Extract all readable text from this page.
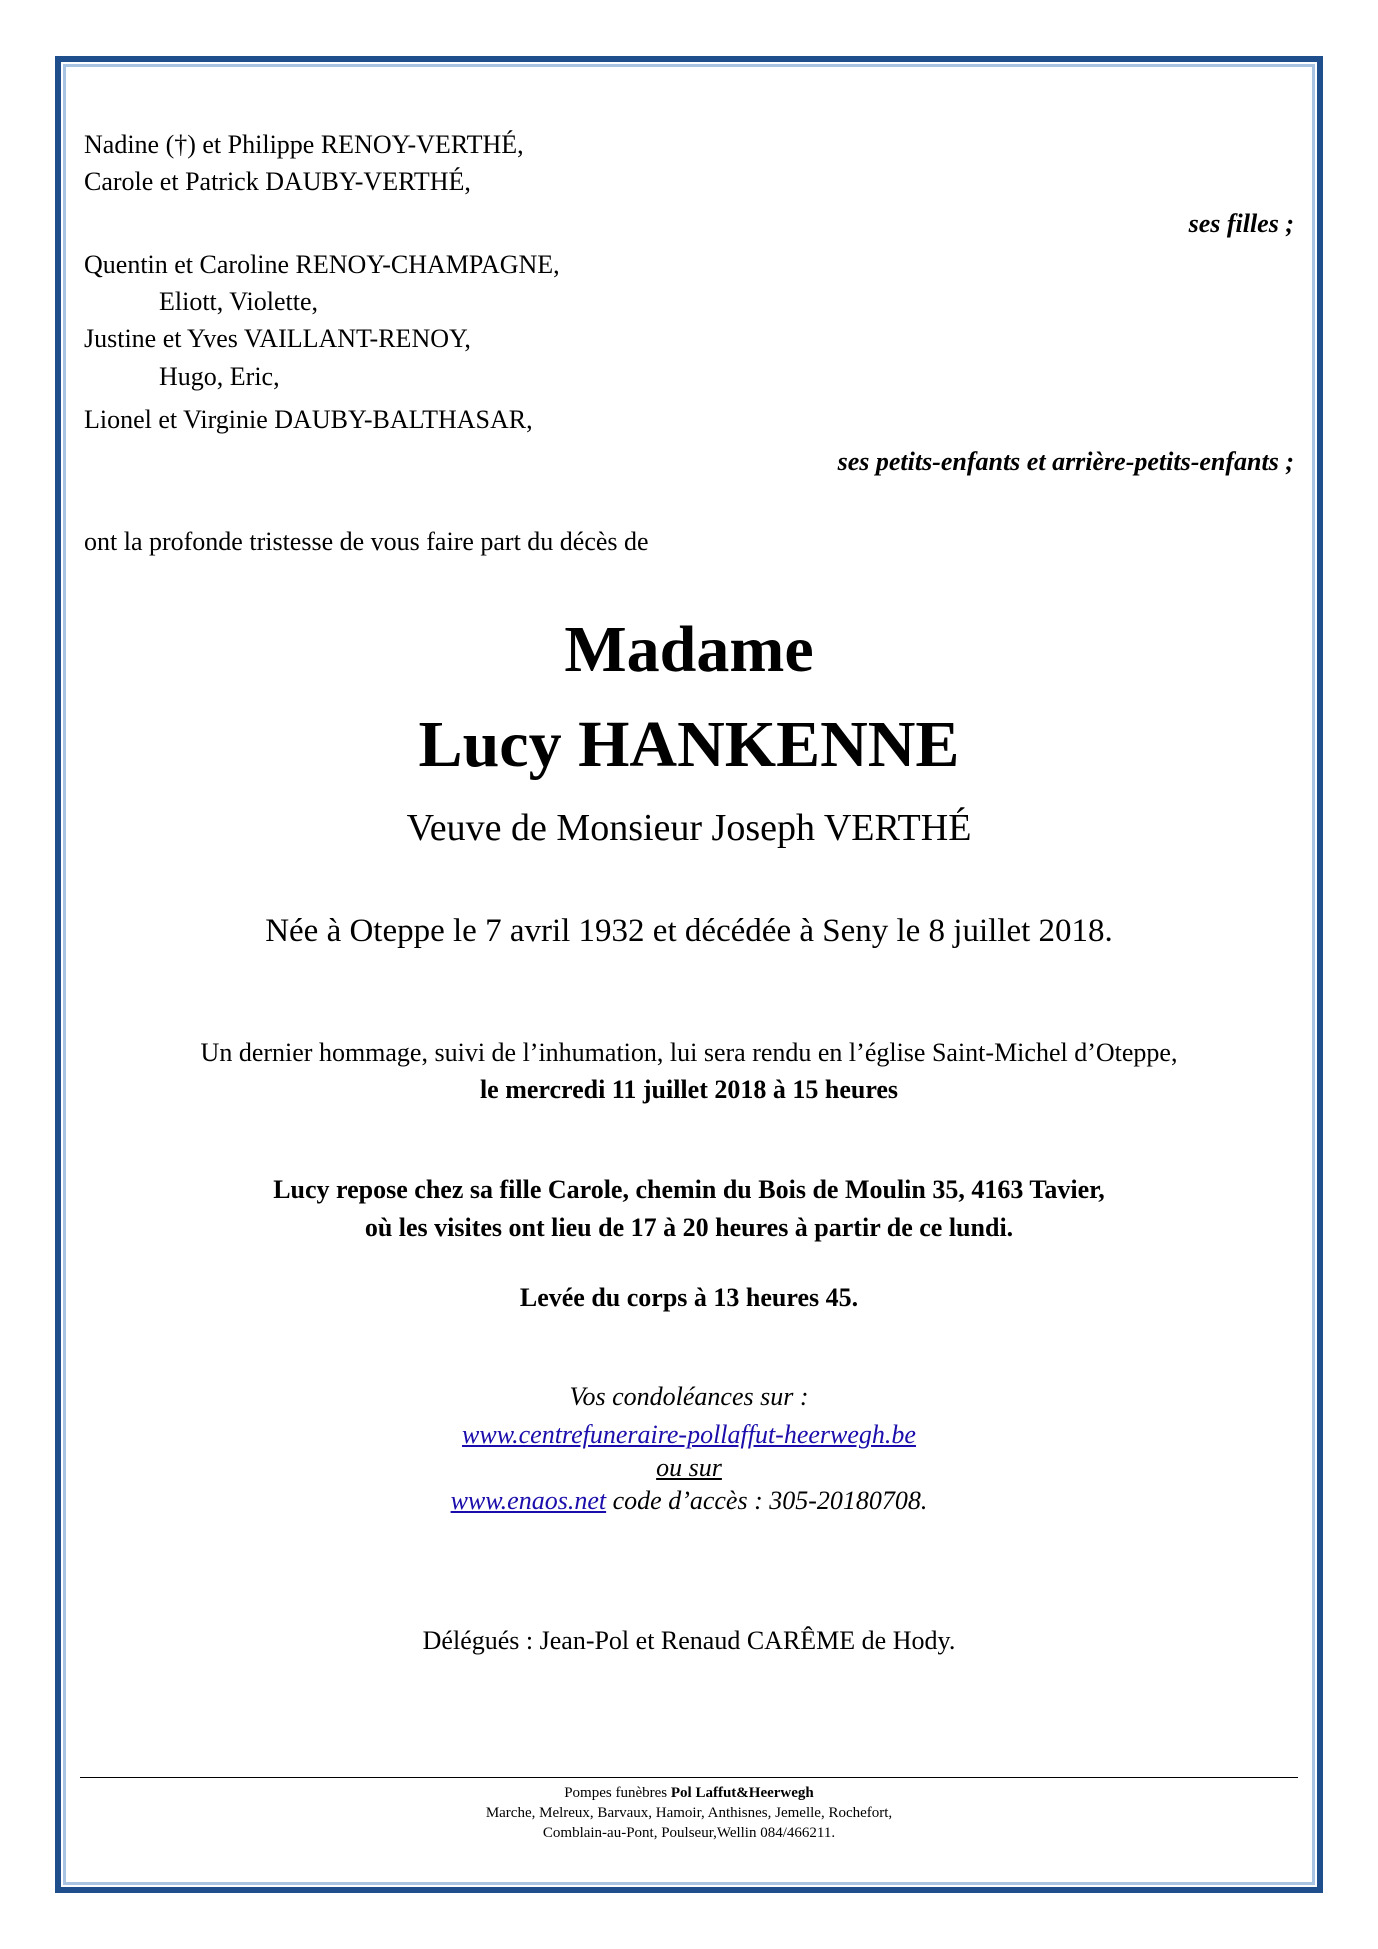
Nadine (†) et Philippe RENOY-VERTHÉ,
Carole et Patrick DAUBY-VERTHÉ,
ses filles ;
Quentin et Caroline RENOY-CHAMPAGNE,
Eliott, Violette,
Justine et Yves VAILLANT-RENOY,
Hugo, Eric,
Lionel et Virginie DAUBY-BALTHASAR,
ses petits-enfants et arrière-petits-enfants ;
ont la profonde tristesse de vous faire part du décès de
Madame
Lucy HANKENNE
Veuve de Monsieur Joseph VERTHÉ
Née à Oteppe le 7 avril 1932 et décédée à Seny le 8 juillet 2018.
Un dernier hommage, suivi de l’inhumation, lui sera rendu en l’église Saint-Michel d’Oteppe,
le mercredi 11 juillet 2018 à 15 heures
Lucy repose chez sa fille Carole, chemin du Bois de Moulin 35, 4163 Tavier,
où les visites ont lieu de 17 à 20 heures à partir de ce lundi.
Levée du corps à 13 heures 45.
Vos condoléances sur :
www.centrefuneraire-pollaffut-heerwegh.be
ou sur
www.enaos.net code d’accès : 305-20180708.
Délégués : Jean-Pol et Renaud CARÊME de Hody.
Pompes funèbres Pol Laffut&Heerwegh
Marche, Melreux, Barvaux, Hamoir, Anthisnes, Jemelle, Rochefort,
Comblain-au-Pont, Poulseur,Wellin 084/466211.
